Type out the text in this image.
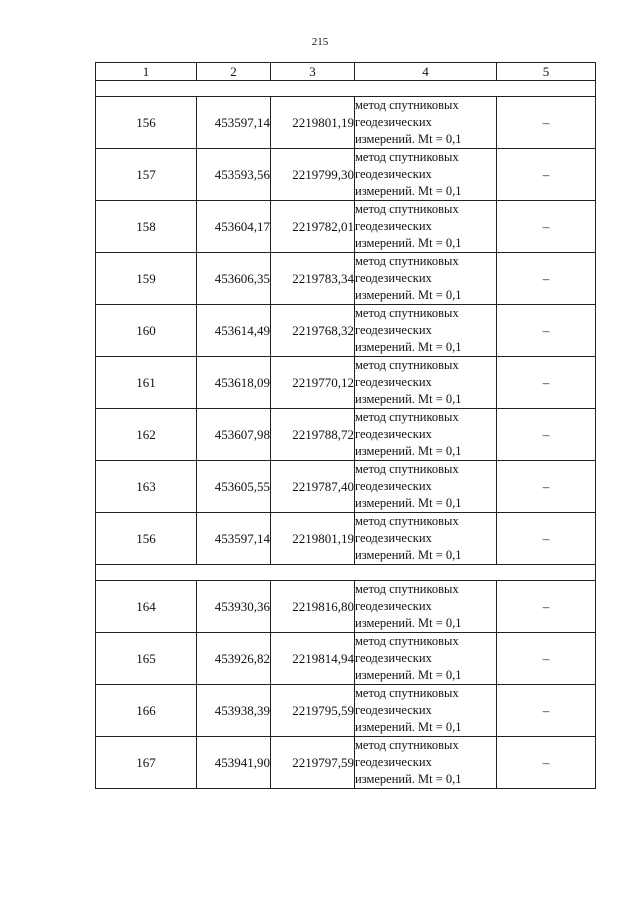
215
1	2	3	4	5

156	453597,14	2219801,19	метод спутниковых
геодезических
измерений. Mt = 0,1	–
157	453593,56	2219799,30	метод спутниковых
геодезических
измерений. Mt = 0,1	–
158	453604,17	2219782,01	метод спутниковых
геодезических
измерений. Mt = 0,1	–
159	453606,35	2219783,34	метод спутниковых
геодезических
измерений. Mt = 0,1	–
160	453614,49	2219768,32	метод спутниковых
геодезических
измерений. Mt = 0,1	–
161	453618,09	2219770,12	метод спутниковых
геодезических
измерений. Mt = 0,1	–
162	453607,98	2219788,72	метод спутниковых
геодезических
измерений. Mt = 0,1	–
163	453605,55	2219787,40	метод спутниковых
геодезических
измерений. Mt = 0,1	–
156	453597,14	2219801,19	метод спутниковых
геодезических
измерений. Mt = 0,1	–

164	453930,36	2219816,80	метод спутниковых
геодезических
измерений. Mt = 0,1	–
165	453926,82	2219814,94	метод спутниковых
геодезических
измерений. Mt = 0,1	–
166	453938,39	2219795,59	метод спутниковых
геодезических
измерений. Mt = 0,1	–
167	453941,90	2219797,59	метод спутниковых
геодезических
измерений. Mt = 0,1	–
